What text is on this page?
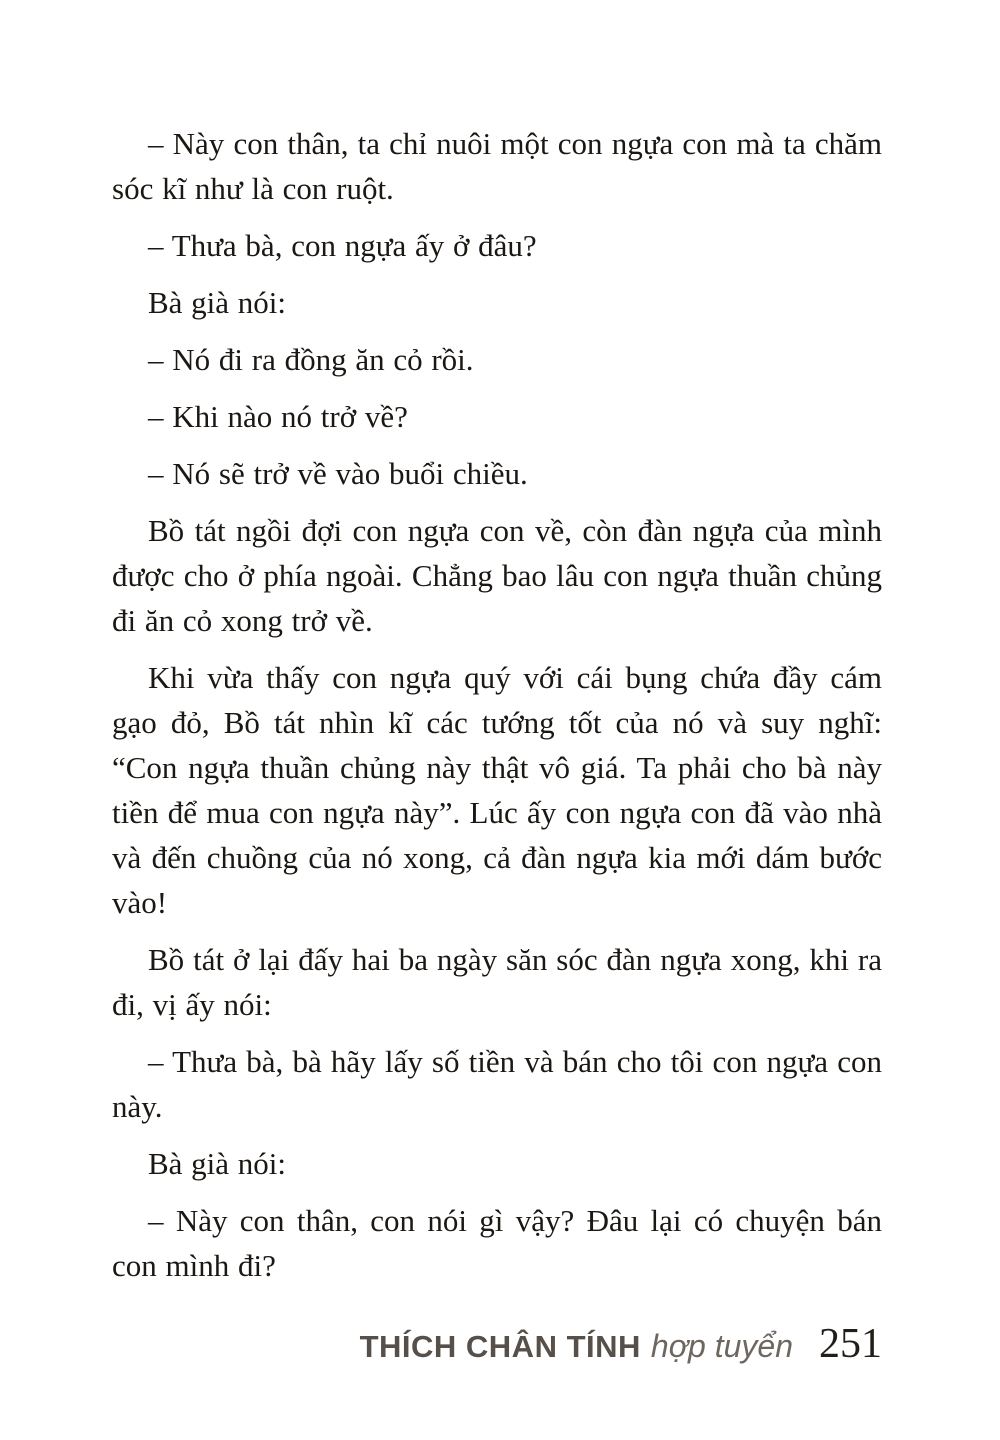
– Này con thân, ta chỉ nuôi một con ngựa con mà ta chăm sóc kĩ như là con ruột.

– Thưa bà, con ngựa ấy ở đâu?

Bà già nói:

– Nó đi ra đồng ăn cỏ rồi.

– Khi nào nó trở về?

– Nó sẽ trở về vào buổi chiều.

Bồ tát ngồi đợi con ngựa con về, còn đàn ngựa của mình được cho ở phía ngoài. Chẳng bao lâu con ngựa thuần chủng đi ăn cỏ xong trở về.

Khi vừa thấy con ngựa quý với cái bụng chứa đầy cám gạo đỏ, Bồ tát nhìn kĩ các tướng tốt của nó và suy nghĩ: “Con ngựa thuần chủng này thật vô giá. Ta phải cho bà này tiền để mua con ngựa này”. Lúc ấy con ngựa con đã vào nhà và đến chuồng của nó xong, cả đàn ngựa kia mới dám bước vào!

Bồ tát ở lại đấy hai ba ngày săn sóc đàn ngựa xong, khi ra đi, vị ấy nói:

– Thưa bà, bà hãy lấy số tiền và bán cho tôi con ngựa con này.

Bà già nói:

– Này con thân, con nói gì vậy? Đâu lại có chuyện bán con mình đi?

THÍCH CHÂN TÍNH hợp tuyển 251
